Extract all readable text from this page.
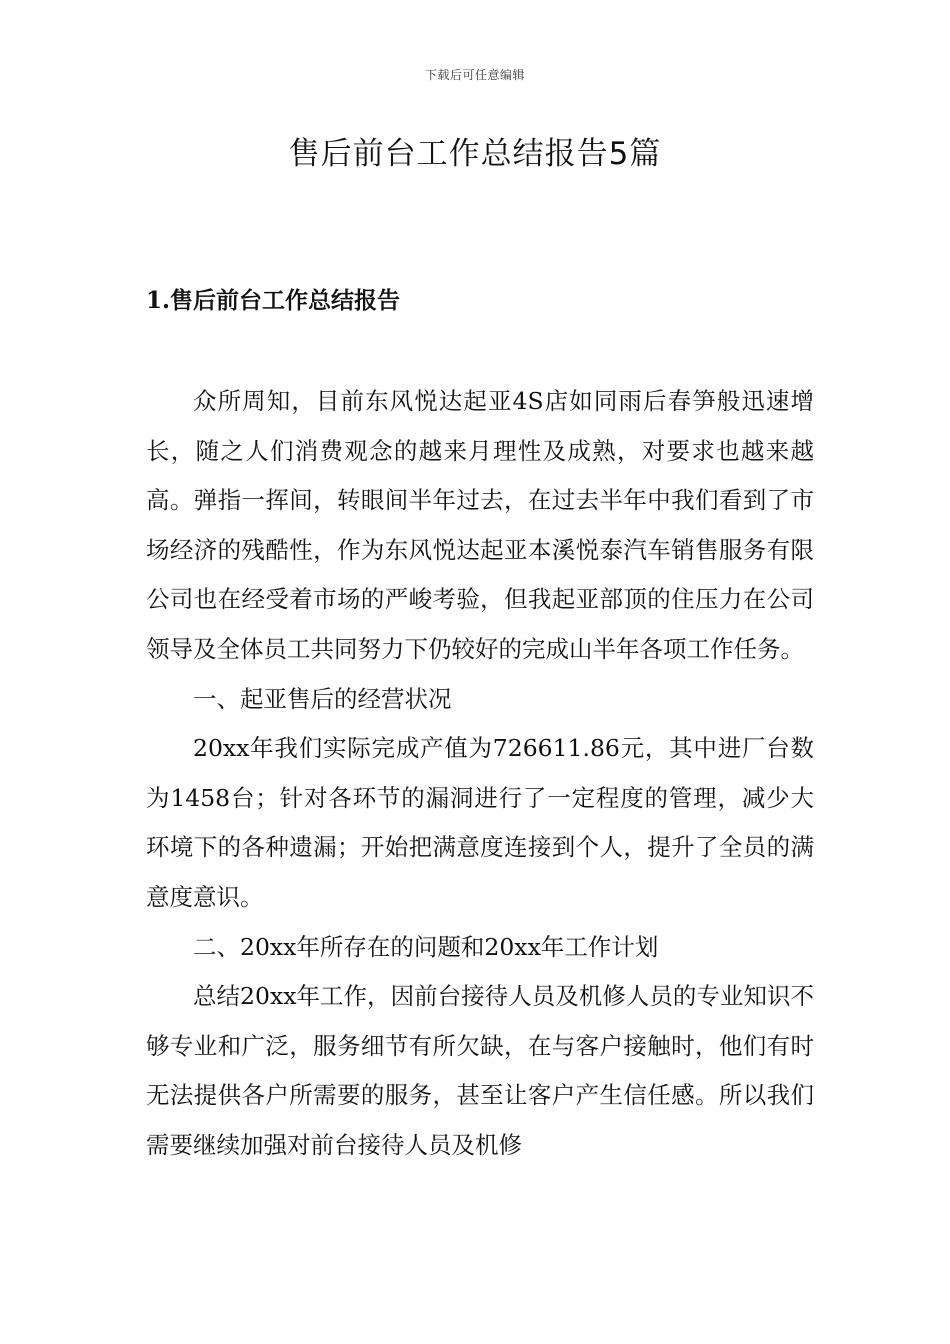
下载后可任意编辑
售后前台工作总结报告5篇
1.售后前台工作总结报告

众所周知，目前东风悦达起亚4S店如同雨后春笋般迅速增长，随之人们消费观念的越来月理性及成熟，对要求也越来越高。弹指一挥间，转眼间半年过去，在过去半年中我们看到了市场经济的残酷性，作为东风悦达起亚本溪悦泰汽车销售服务有限公司也在经受着市场的严峻考验，但我起亚部顶的住压力在公司领导及全体员工共同努力下仍较好的完成山半年各项工作任务。

一、起亚售后的经营状况

20xx年我们实际完成产值为726611.86元，其中进厂台数为1458台；针对各环节的漏洞进行了一定程度的管理，减少大环境下的各种遗漏；开始把满意度连接到个人，提升了全员的满意度意识。

二、20xx年所存在的问题和20xx年工作计划

总结20xx年工作，因前台接待人员及机修人员的专业知识不够专业和广泛，服务细节有所欠缺，在与客户接触时，他们有时无法提供各户所需要的服务，甚至让客户产生信任感。所以我们需要继续加强对前台接待人员及机修
